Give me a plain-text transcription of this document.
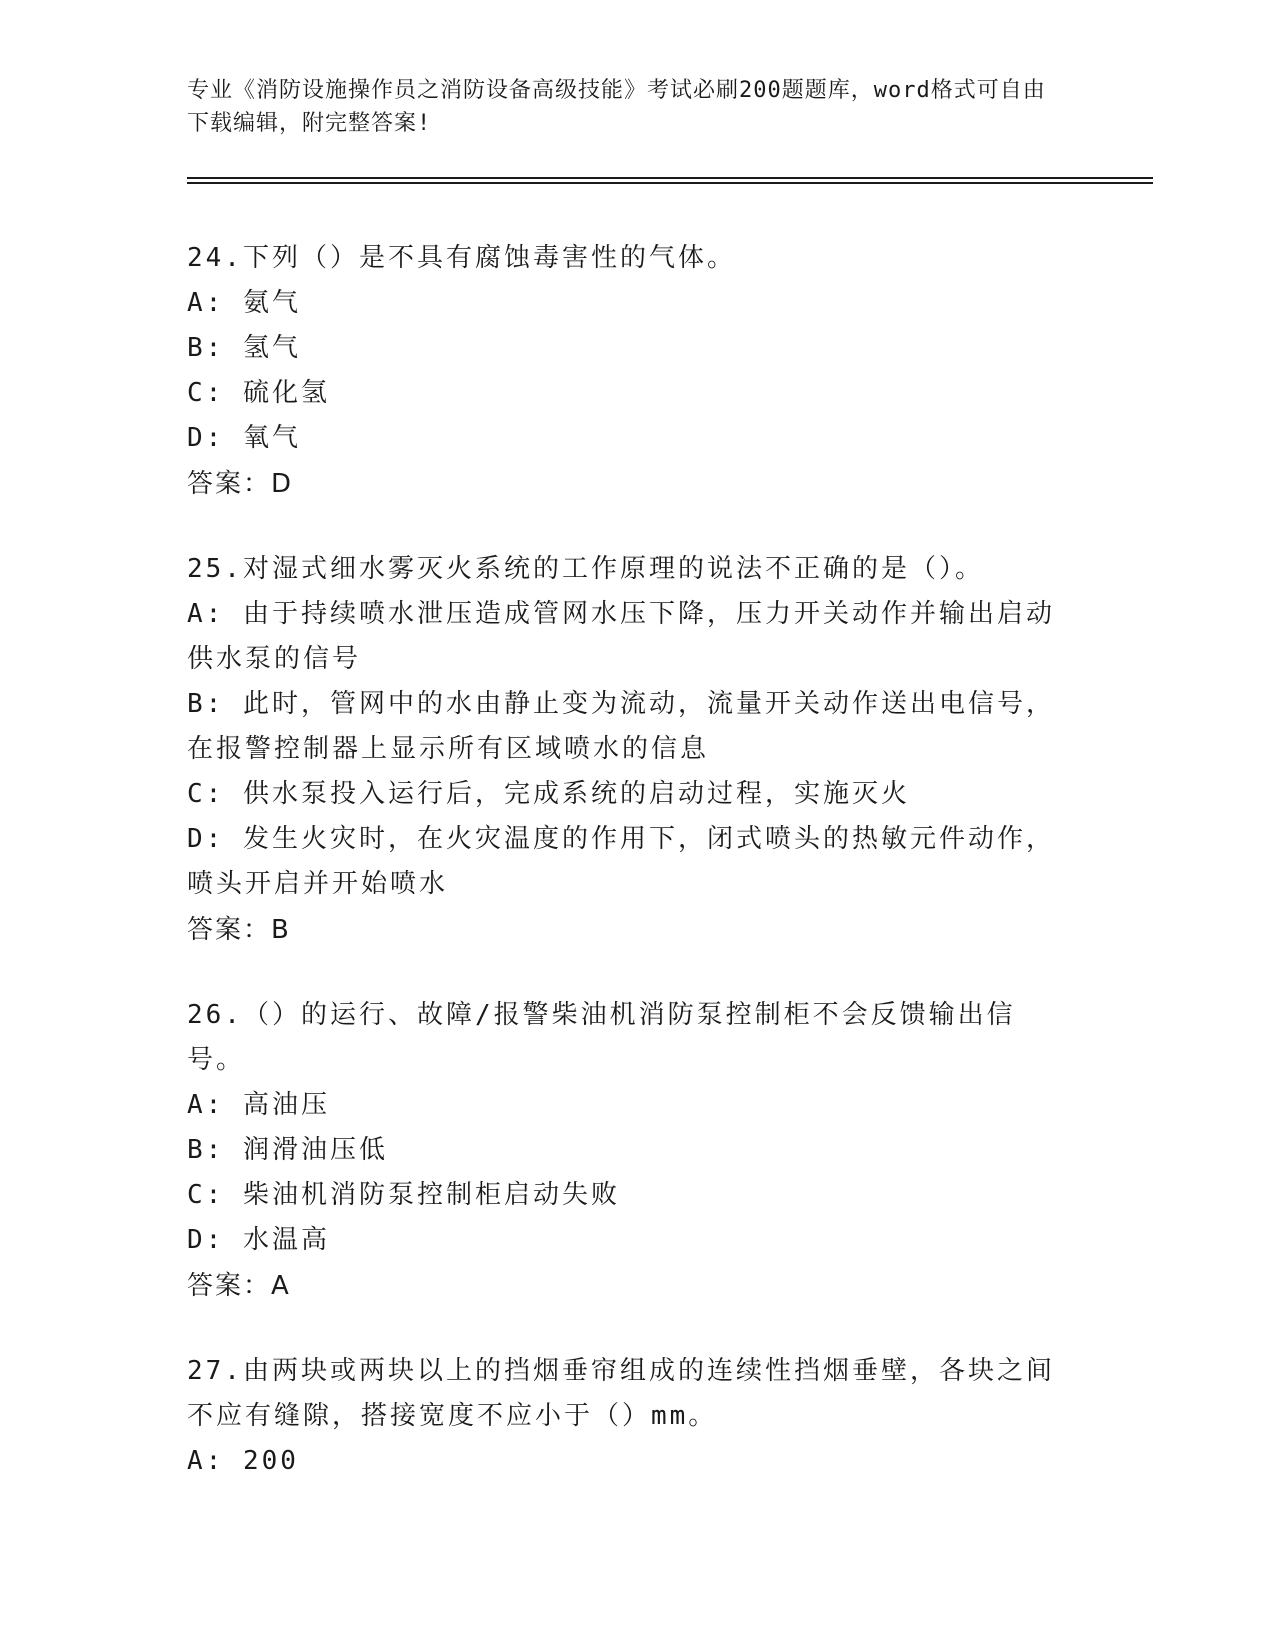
专业《消防设施操作员之消防设备高级技能》考试必刷200题题库，word格式可自由下载编辑，附完整答案!

24.下列（）是不具有腐蚀毒害性的气体。

A: 氨气

B: 氢气

C: 硫化氢

D: 氧气

答案：D

25.对湿式细水雾灭火系统的工作原理的说法不正确的是（）。

A: 由于持续喷水泄压造成管网水压下降，压力开关动作并输出启动供水泵的信号

B: 此时，管网中的水由静止变为流动，流量开关动作送出电信号，在报警控制器上显示所有区域喷水的信息

C: 供水泵投入运行后，完成系统的启动过程，实施灭火

D: 发生火灾时，在火灾温度的作用下，闭式喷头的热敏元件动作，喷头开启并开始喷水

答案：B

26.（）的运行、故障/报警柴油机消防泵控制柜不会反馈输出信号。

A: 高油压

B: 润滑油压低

C: 柴油机消防泵控制柜启动失败

D: 水温高

答案：A

27.由两块或两块以上的挡烟垂帘组成的连续性挡烟垂壁，各块之间不应有缝隙，搭接宽度不应小于（）mm。

A: 200
